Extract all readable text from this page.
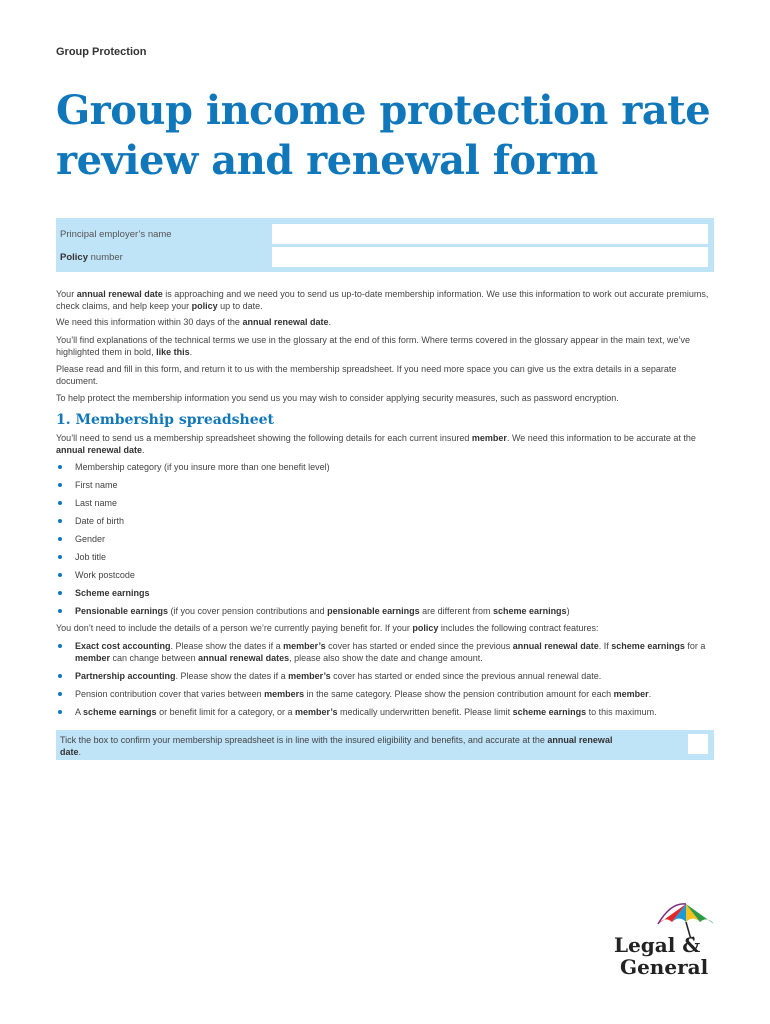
Group Protection
Group income protection rate review and renewal form
Principal employer’s name
Policy number
Your annual renewal date is approaching and we need you to send us up-to-date membership information. We use this information to work out accurate premiums, check claims, and help keep your policy up to date.
We need this information within 30 days of the annual renewal date.
You’ll find explanations of the technical terms we use in the glossary at the end of this form. Where terms covered in the glossary appear in the main text, we’ve highlighted them in bold, like this.
Please read and fill in this form, and return it to us with the membership spreadsheet. If you need more space you can give us the extra details in a separate document.
To help protect the membership information you send us you may wish to consider applying security measures, such as password encryption.
1. Membership spreadsheet
You’ll need to send us a membership spreadsheet showing the following details for each current insured member. We need this information to be accurate at the annual renewal date.
Membership category (if you insure more than one benefit level)
First name
Last name
Date of birth
Gender
Job title
Work postcode
Scheme earnings
Pensionable earnings (if you cover pension contributions and pensionable earnings are different from scheme earnings)
You don’t need to include the details of a person we’re currently paying benefit for. If your policy includes the following contract features:
Exact cost accounting. Please show the dates if a member’s cover has started or ended since the previous annual renewal date. If scheme earnings for a member can change between annual renewal dates, please also show the date and change amount.
Partnership accounting. Please show the dates if a member’s cover has started or ended since the previous annual renewal date.
Pension contribution cover that varies between members in the same category. Please show the pension contribution amount for each member.
A scheme earnings or benefit limit for a category, or a member’s medically underwritten benefit. Please limit scheme earnings to this maximum.
Tick the box to confirm your membership spreadsheet is in line with the insured eligibility and benefits, and accurate at the annual renewal date.
Legal &
General
